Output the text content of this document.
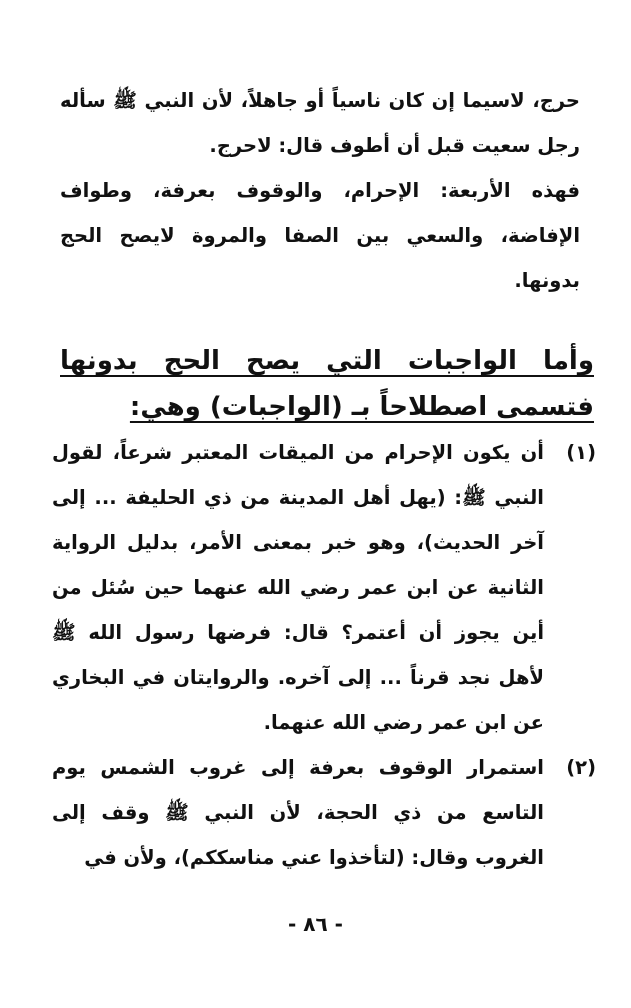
حرج، لاسيما إن كان ناسياً أو جاهلاً، لأن النبي ﷺ سأله رجل سعيت قبل أن أطوف قال: لاحرج.
فهذه الأربعة: الإحرام، والوقوف بعرفة، وطواف الإفاضة، والسعي بين الصفا والمروة لايصح الحج بدونها.
وأما الواجبات التي يصح الحج بدونها فتسمى اصطلاحاً بـ (الواجبات) وهي:
(١)
أن يكون الإحرام من الميقات المعتبر شرعاً، لقول النبي ﷺ: (يهل أهل المدينة من ذي الحليفة ... إلى آخر الحديث)، وهو خبر بمعنى الأمر، بدليل الرواية الثانية عن ابن عمر رضي الله عنهما حين سُئل من أين يجوز أن أعتمر؟ قال: فرضها رسول الله ﷺ لأهل نجد قرناً ... إلى آخره. والروايتان في البخاري عن ابن عمر رضي الله عنهما.
(٢)
استمرار الوقوف بعرفة إلى غروب الشمس يوم التاسع من ذي الحجة، لأن النبي ﷺ وقف إلى الغروب وقال: (لتأخذوا عني مناسككم)، ولأن في
- ٨٦ -
